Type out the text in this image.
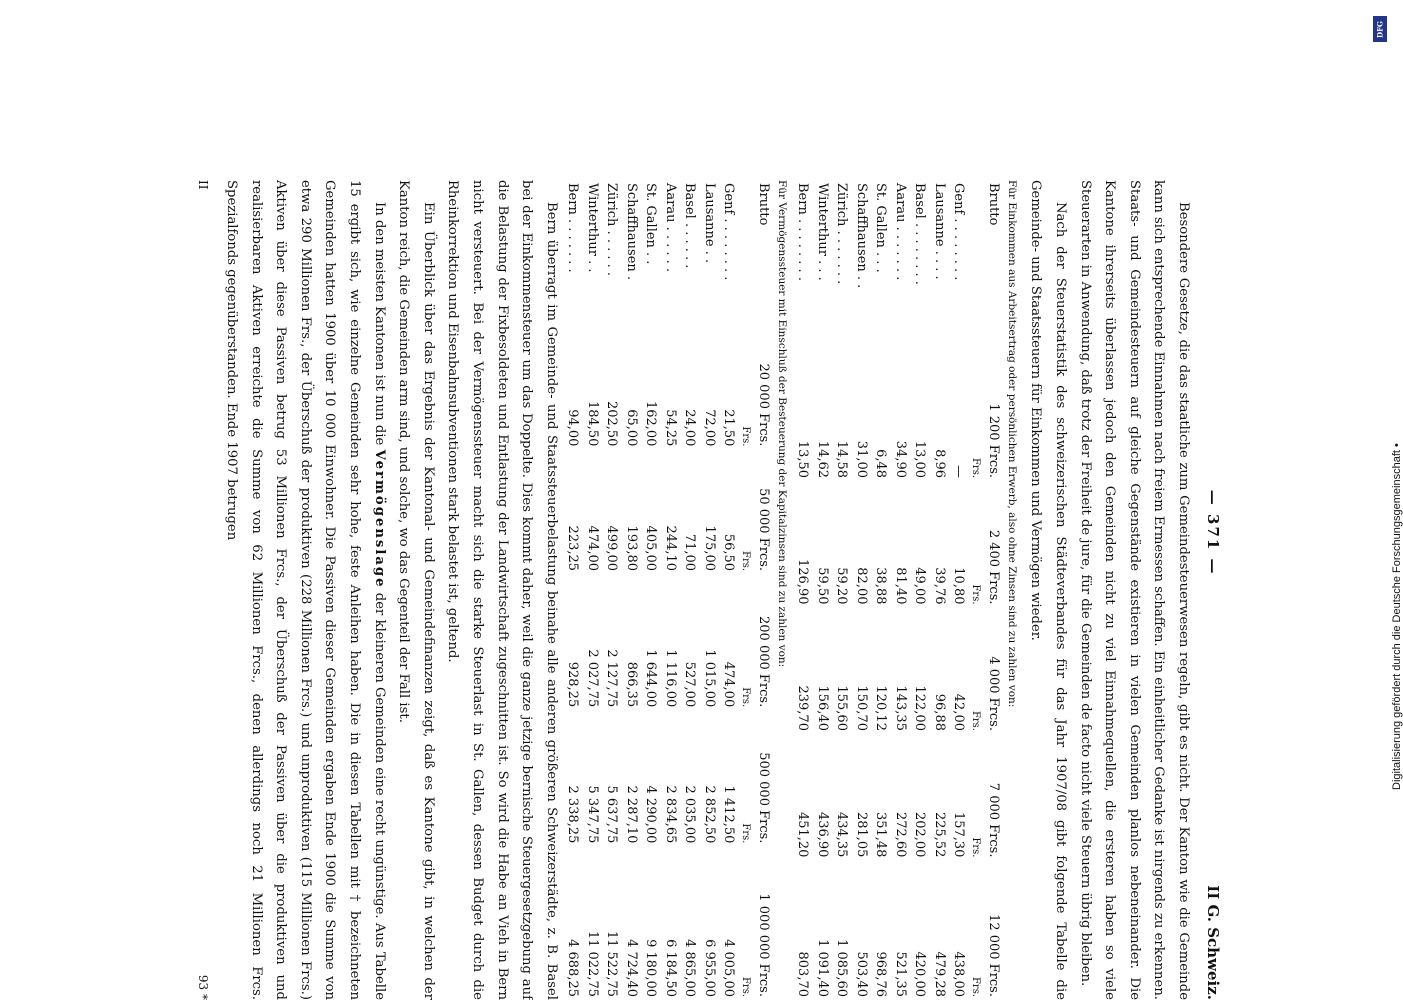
— 371 —
II G. Schweiz.

Besondere Gesetze, die das staatliche zum Gemeindesteuerwesen regeln, gibt es nicht. Der Kanton wie die Gemeinde kann sich entsprechende Einnahmen nach freiem Ermessen schaffen. Ein einheitlicher Gedanke ist nirgends zu erkennen. Staats- und Gemeindesteuern auf gleiche Gegenstände existieren in vielen Gemeinden planlos nebeneinander. Die Kantone ihrerseits überlassen jedoch den Gemeinden nicht zu viel Einnahmequellen, die ersteren haben so viele Steuerarten in Anwendung, daß trotz der Freiheit de jure, für die Gemeinden de facto nicht viele Steuern übrig bleiben.

Nach der Steuerstatistik des schweizerischen Städteverbandes für das Jahr 1907/08 gibt folgende Tabelle die Gemeinde- und Staatssteuern für Einkommen und Vermögen wieder.

Für Einkommen aus Arbeitsertrag oder persönlichen Erwerb, also ohne Zinsen sind zu zahlen von:
Brutto	1 200 Frcs.	2 400 Frcs.	4 000 Frcs.	7 000 Frcs.	12 000 Frcs.
	Frs.	Frs.	Frs.	Frs.	Frs.
Genf . . . . . . . .	—	10,80	42,00	157,30	438,00
Lausanne . . . .	8,96	39,76	96,88	225,52	479,28
Basel . . . . . . . .	13,00	49,00	122,00	202,00	420,00
Aarau . . . . . . .	34,90	81,40	143,35	272,60	521,35
St. Gallen . . .	6,48	38,88	120,12	351,48	968,76
Schaffhausen . .	31,00	82,00	150,70	281,05	503,40
Zürich . . . . . . .	14,58	59,20	155,60	434,35	1 085,60
Winterthur . . .	14,62	59,50	156,40	436,90	1 091,40
Bern . . . . . . . .	13,50	126,90	239,70	451,20	803,70
Für Vermögenssteuer mit Einschluß der Besteuerung der Kapitalzinsen sind zu zahlen von:
Brutto	20 000 Frcs.	50 000 Frcs.	200 000 Frcs.	500 000 Frcs.	1 000 000 Frcs.
	Frs.	Frs.	Frs.	Frs.	Frs.
Genf . . . . . . . .	21,50	56,50	474,00	1 412,50	4 005,00
Lausanne . .	72,00	175,00	1 015,00	2 852,50	6 955,00
Basel . . . . . .	24,00	71,00	527,00	2 035,00	4 865,00
Aarau . . . . . .	54,25	244,10	1 116,00	2 834,65	6 184,50
St. Gallen . .	162,00	405,00	1 644,00	4 290,00	9 180,00
Schaffhausen .	65,00	193,80	866,35	2 287,10	4 724,40
Zürich . . . . . .	202,50	499,00	2 127,75	5 637,75	11 522,75
Winterthur . .	184,50	474,00	2 027,75	5 347,75	11 022,75
Bern . . . . . . .	94,00	223,25	928,25	2 338,25	4 688,25

Bern überragt im Gemeinde- und Staatssteuerbelastung beinahe alle anderen größeren Schweizerstädte, z. B. Basel bei der Einkommensteuer um das Doppelte. Dies kommt daher, weil die ganze jetzige bernische Steuergesetzgebung auf die Belastung der Fixbesoldeten und Entlastung der Landwirtschaft zugeschnitten ist. So wird die Habe an Vieh in Bern nicht versteuert. Bei der Vermögenssteuer macht sich die starke Steuerlast in St. Gallen, dessen Budget durch die Rheinkorrektion und Eisenbahnsubventionen stark belastet ist, geltend.

Ein Überblick über das Ergebnis der Kantonal- und Gemeindefinanzen zeigt, daß es Kantone gibt, in welchen der Kanton reich, die Gemeinden arm sind, und solche, wo das Gegenteil der Fall ist.

In den meisten Kantonen ist nun die Vermögenslage der kleineren Gemeinden eine recht ungünstige. Aus Tabelle 15 ergibt sich, wie einzelne Gemeinden sehr hohe, feste Anleihen haben. Die in diesen Tabellen mit † bezeichneten Gemeinden hatten 1900 über 10 000 Einwohner. Die Passiven dieser Gemeinden ergaben Ende 1900 die Summe von etwa 290 Millionen Frs., der Überschuß der produktiven (228 Millionen Frcs.) und unproduktiven (115 Millionen Frcs.) Aktiven über diese Passiven betrug 53 Millionen Frcs., der Überschuß der Passiven über die produktiven und realisierbaren Aktiven erreichte die Summe von 62 Millionen Frcs., denen allerdings noch 21 Millionen Frcs. Spezialfonds gegenüberstanden. Ende 1907 betrugen

II
93 *
DFG
Digitalisierung gefördert durch die Deutsche Forschungsgemeinschaft •
